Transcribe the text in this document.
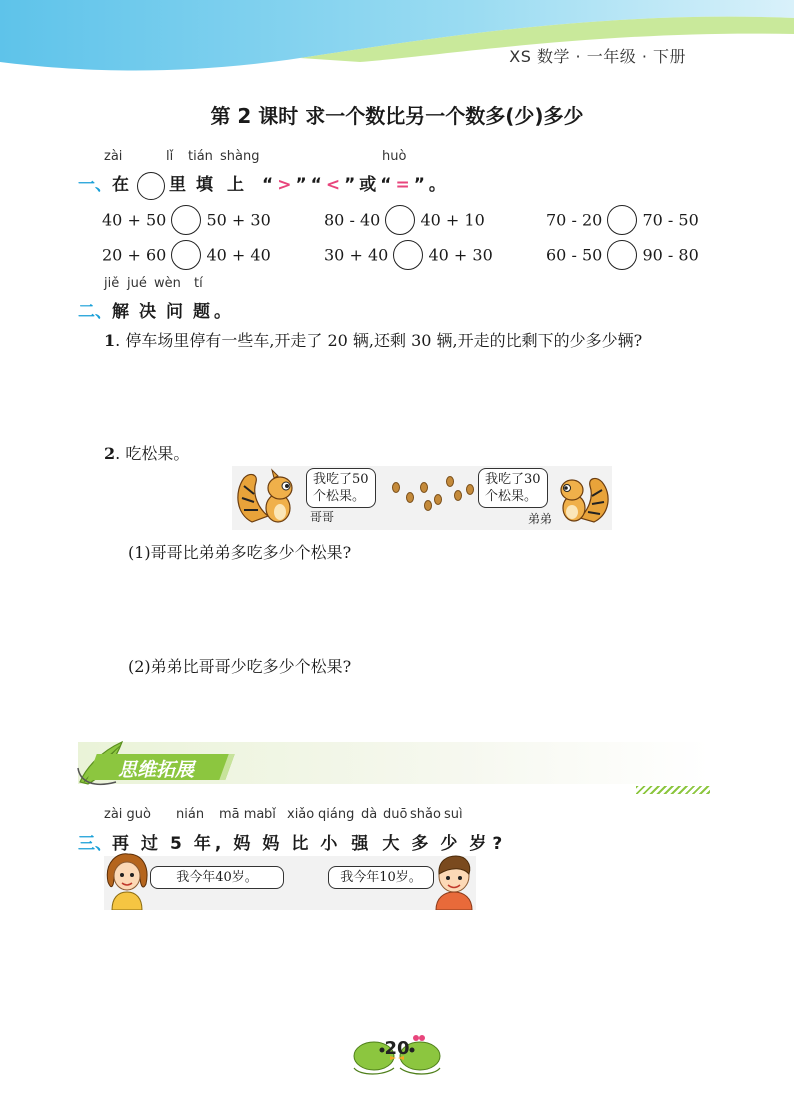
XS 数学 · 一年级 · 下册
第 2 课时 求一个数比另一个数多(少)多少
zài	lǐ tián shàng	huò
一、在 里 填 上 “>”“<”或“=”。
40 + 50	50 + 30	80 - 40	40 + 10	70 - 20	70 - 50
20 + 60	40 + 40	30 + 40	40 + 30	60 - 50	90 - 80
jiě jué wèn tí
二、解决问题。
1. 停车场里停有一些车,开走了 20 辆,还剩 30 辆,开走的比剩下的少多少辆?
2. 吃松果。
我吃了50
个松果。
我吃了30
个松果。
哥哥	弟弟
(1)哥哥比弟弟多吃多少个松果?
(2)弟弟比哥哥少吃多少个松果?
思维拓展
zài guò nián mā ma bǐ xiǎo qiáng dà duō shǎo suì
三、再过5年,妈妈比小强大多少岁?
我今年40岁。	我今年10岁。
20
